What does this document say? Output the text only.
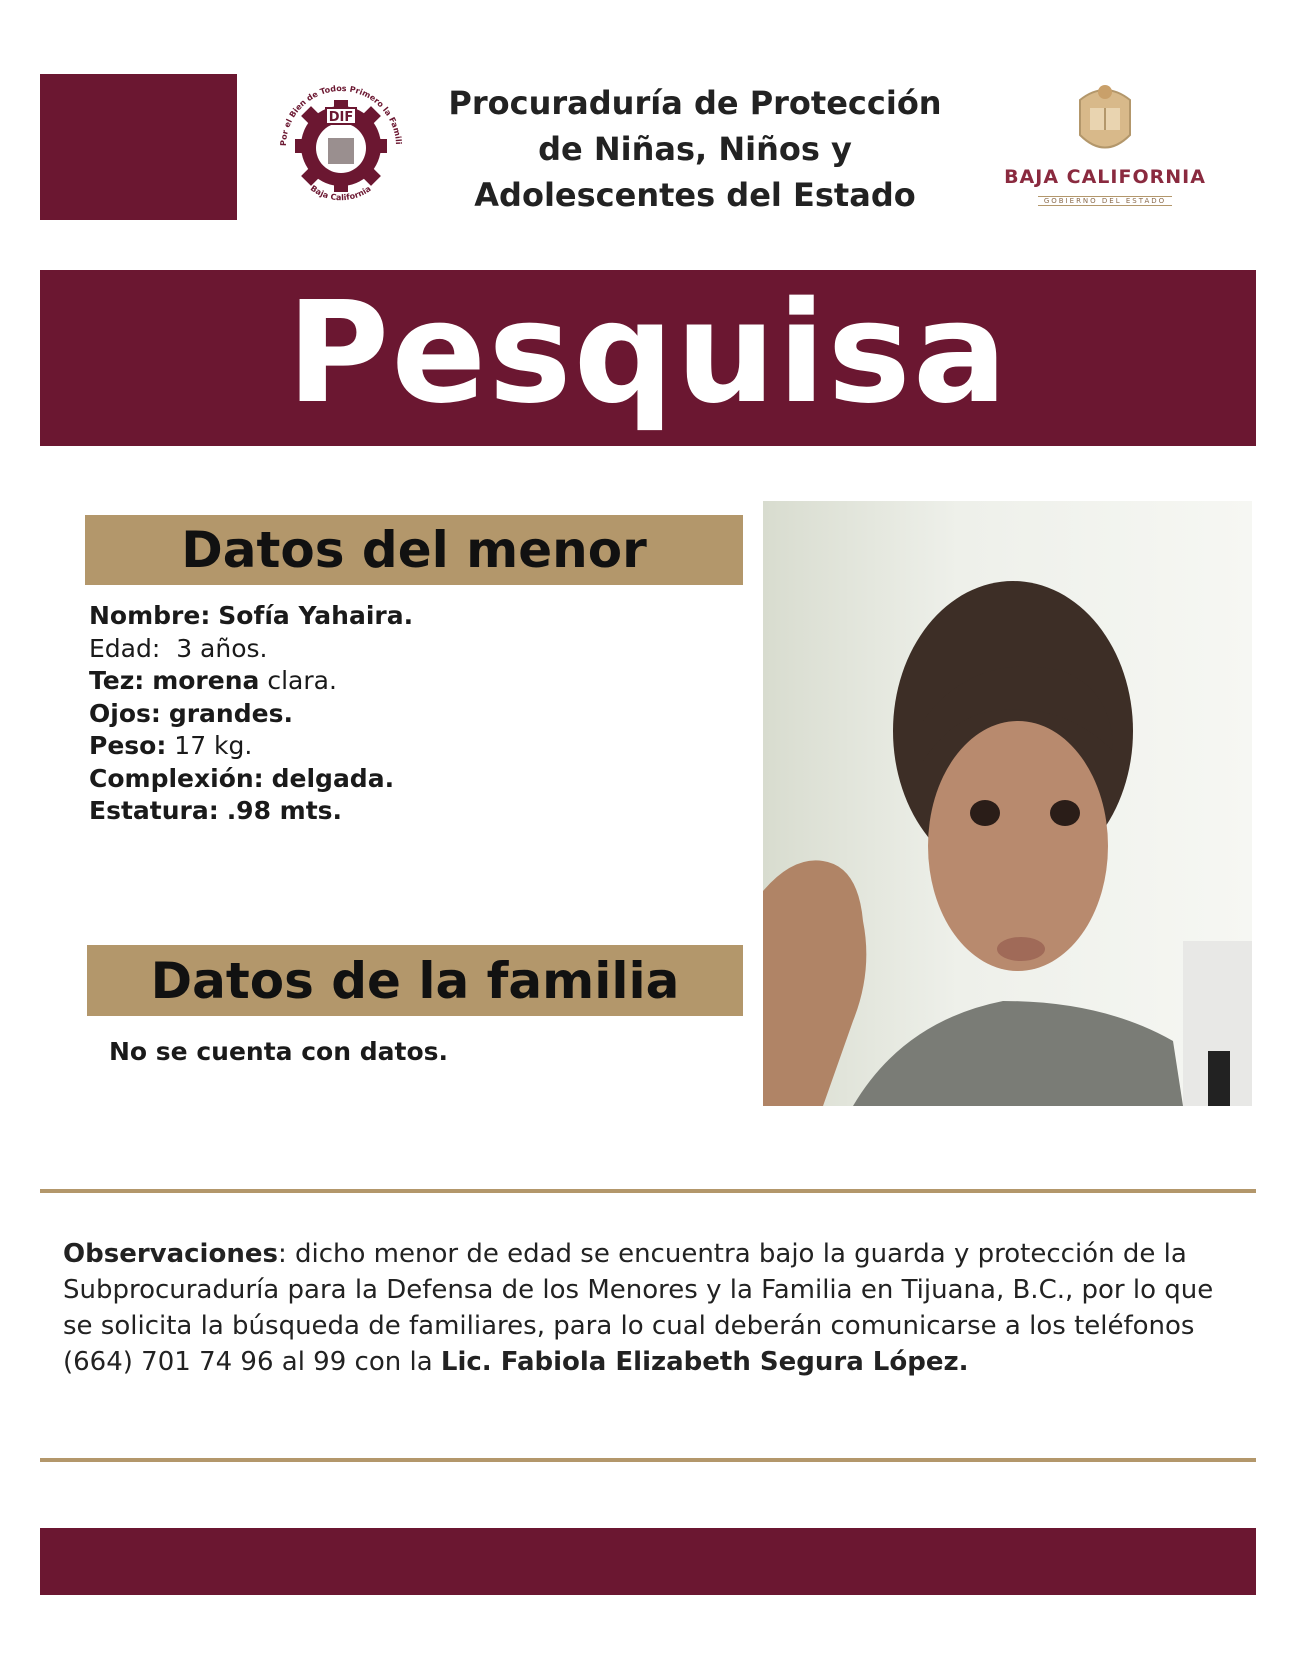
DIF
Por el Bien de Todos Primero la Famili
Baja California
Procuraduría de Protección
de Niñas, Niños y
Adolescentes del Estado	BAJA CALIFORNIA
GOBIERNO DEL ESTADO
Pesquisa
Datos del menor
Nombre: Sofía Yahaira.
Edad: 3 años.
Tez: morena clara.
Ojos: grandes.
Peso: 17 kg.
Complexión: delgada.
Estatura: .98 mts.
Datos de la familia
No se cuenta con datos.
Observaciones: dicho menor de edad se encuentra bajo la guarda y protección de la Subprocuraduría para la Defensa de los Menores y la Familia en Tijuana, B.C., por lo que se solicita la búsqueda de familiares, para lo cual deberán comunicarse a los teléfonos (664) 701 74 96 al 99 con la Lic. Fabiola Elizabeth Segura López.
